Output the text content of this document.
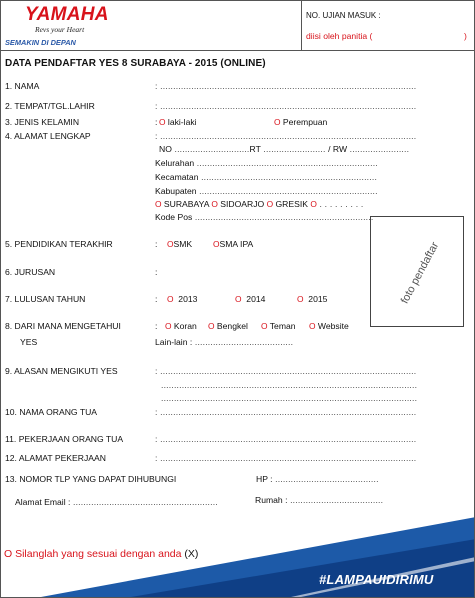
YAMAHA
Revs your Heart
SEMAKIN DI DEPAN
NO. UJIAN MASUK :
diisi oleh panitia (	)
DATA PENDAFTAR YES 8 SURABAYA - 2015 (ONLINE)
1. NAMA	: ...................................................................................................
2. TEMPAT/TGL.LAHIR	: ...................................................................................................
3. JENIS KELAMIN	: O laki-laki	O Perempuan
4. ALAMAT LENGKAP	: ...................................................................................................
NO .............................RT ........................ / RW .......................
Kelurahan ......................................................................
Kecamatan ....................................................................
Kabupaten .....................................................................
O SURABAYA O SIDOARJO O GRESIK O . . . . . . . . .
Kode Pos .....................................................................
5. PENDIDIKAN TERAKHIR	: OSMK OSMA IPA
6. JURUSAN	:
7. LULUSAN TAHUN	: O 2013	O 2014	O 2015
8. DARI MANA MENGETAHUI
YES
: O Koran O Bengkel O Teman O Website
Lain-lain : ......................................
9. ALASAN MENGIKUTI YES	: ...................................................................................................
...................................................................................................
...................................................................................................
10. NAMA ORANG TUA	: ...................................................................................................
11. PEKERJAAN ORANG TUA	: ...................................................................................................
12. ALAMAT PEKERJAAN	: ...................................................................................................
13. NOMOR TLP YANG DAPAT DIHUBUNGI	HP : ........................................
Alamat Email : ........................................................	Rumah : ....................................
foto pendaftar
O Silanglah yang sesuai dengan anda (X)
#LAMPAUIDIRIMU
